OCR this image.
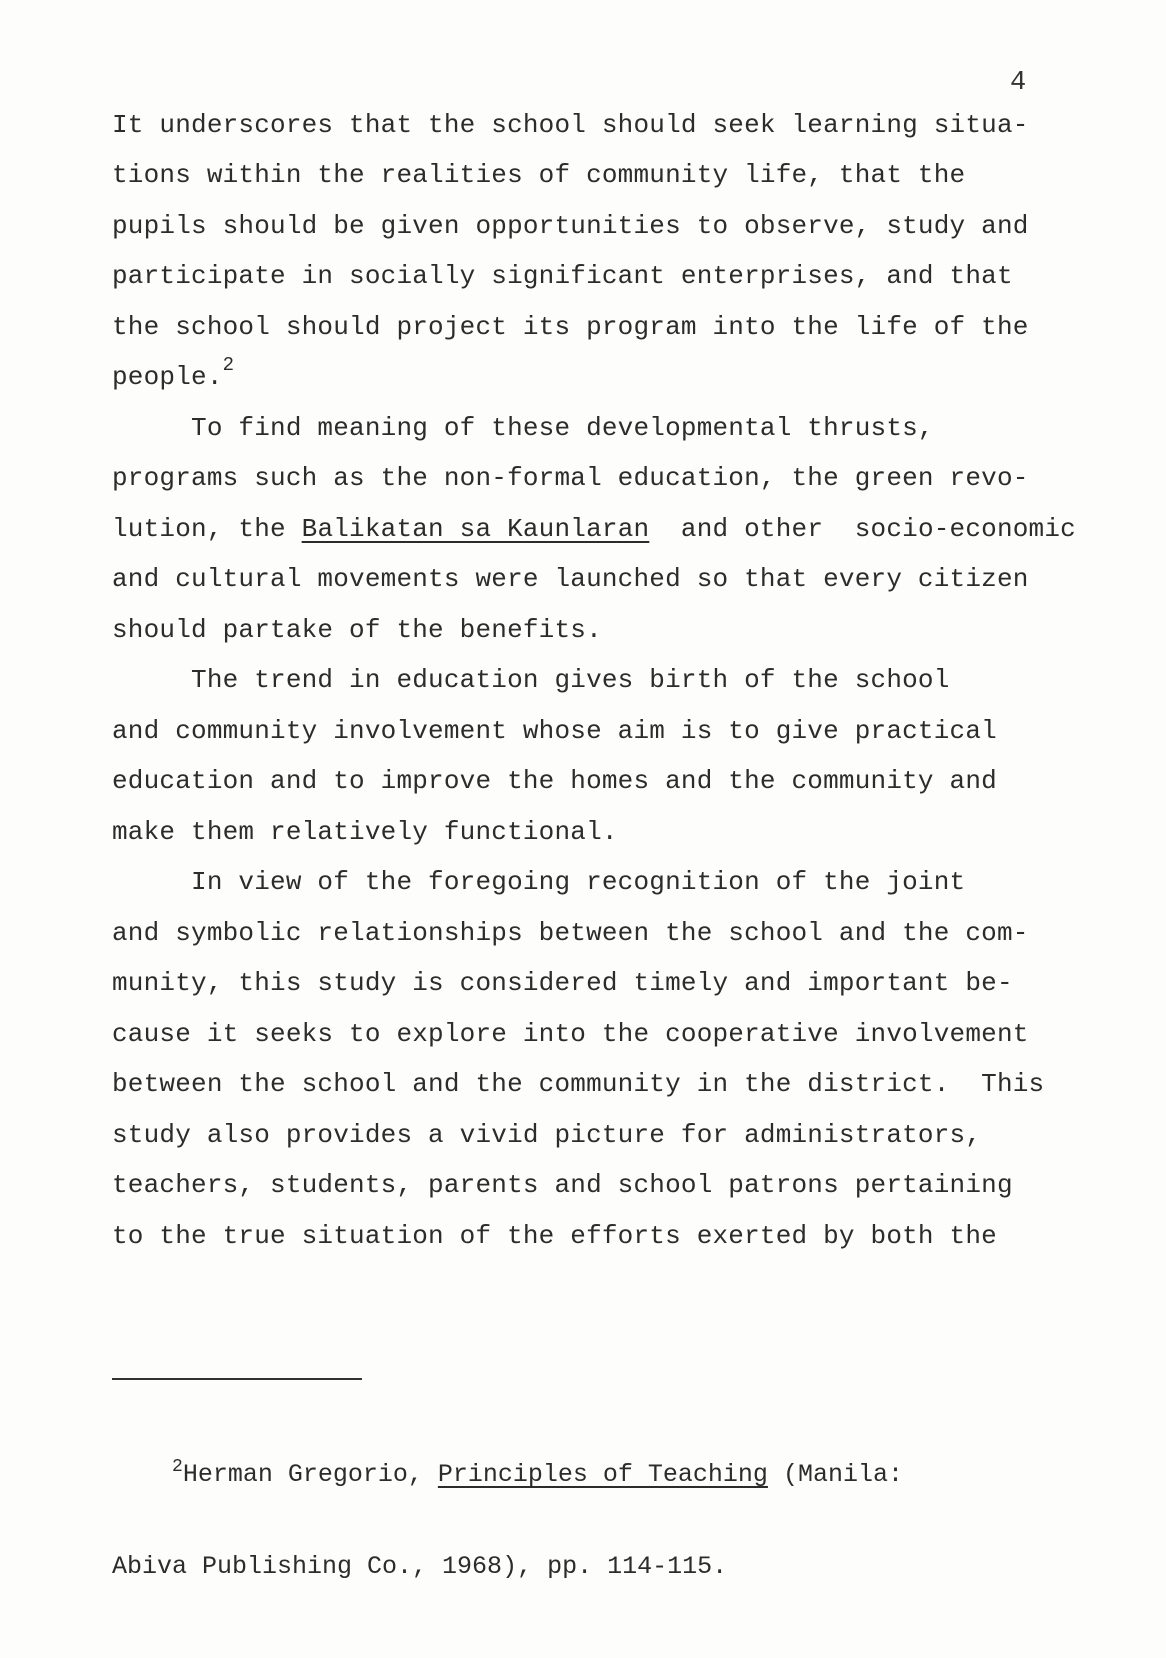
4
It underscores that the school should seek learning situa-
tions within the realities of community life, that the
pupils should be given opportunities to observe, study and
participate in socially significant enterprises, and that
the school should project its program into the life of the
people.$^2$
To find meaning of these developmental thrusts,
programs such as the non-formal education, the green revo-
lution, the Balikatan sa Kaunlaran  and other  socio-economic
and cultural movements were launched so that every citizen
should partake of the benefits.
The trend in education gives birth of the school
and community involvement whose aim is to give practical
education and to improve the homes and the community and
make them relatively functional.
In view of the foregoing recognition of the joint
and symbolic relationships between the school and the com-
munity, this study is considered timely and important be-
cause it seeks to explore into the cooperative involvement
between the school and the community in the district.  This
study also provides a vivid picture for administrators,
teachers, students, parents and school patrons pertaining
to the true situation of the efforts exerted by both the

$^2$Herman Gregorio, Principles of Teaching (Manila:

Abiva Publishing Co., 1968), pp. 114-115.
